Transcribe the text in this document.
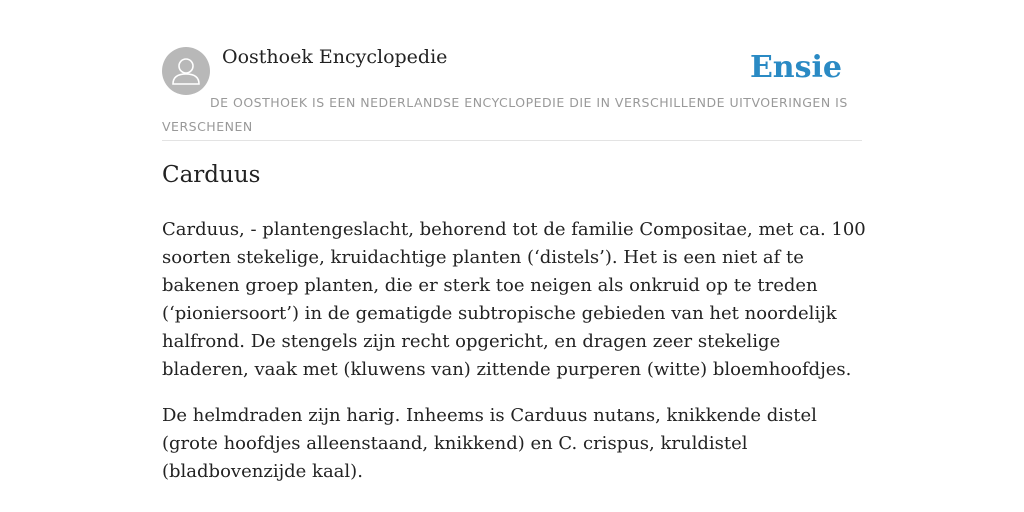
Oosthoek Encyclopedie	Ensie
DE OOSTHOEK IS EEN NEDERLANDSE ENCYCLOPEDIE DIE IN VERSCHILLENDE UITVOERINGEN IS VERSCHENEN
Carduus

Carduus, - plantengeslacht, behorend tot de familie Compositae, met ca. 100 soorten stekelige, kruidachtige planten (‘distels’). Het is een niet af te bakenen groep planten, die er sterk toe neigen als onkruid op te treden (‘pioniersoort’) in de gematigde subtropische gebieden van het noordelijk halfrond. De stengels zijn recht opgericht, en dragen zeer stekelige bladeren, vaak met (kluwens van) zittende purperen (witte) bloemhoofdjes.

De helmdraden zijn harig. Inheems is Carduus nutans, knikkende distel (grote hoofdjes alleenstaand, knikkend) en C. crispus, kruldistel (bladbovenzijde kaal).
